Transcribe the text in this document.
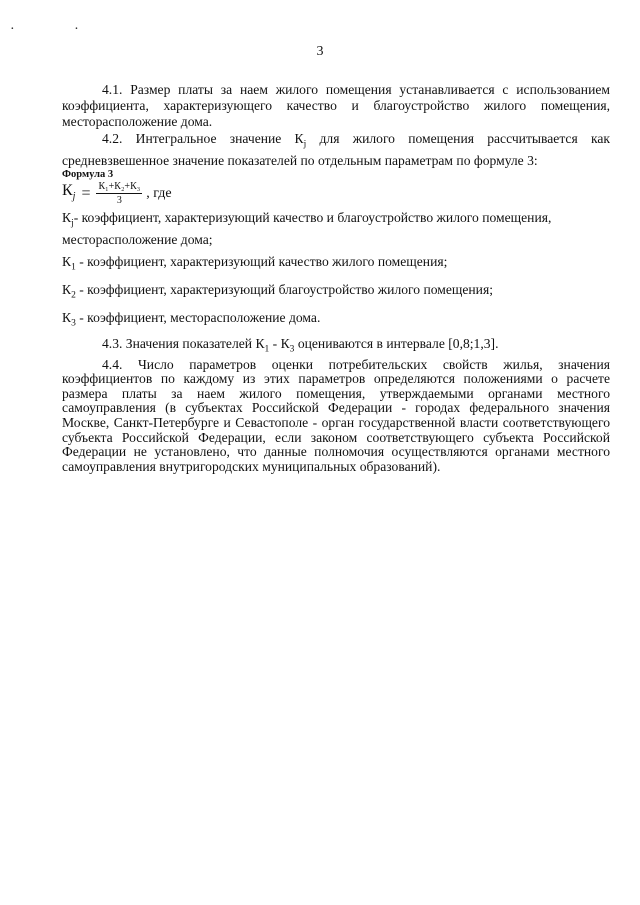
· ·
3

4.1. Размер платы за наем жилого помещения устанавливается с использованием коэффициента, характеризующего качество и благоустройство жилого помещения, месторасположение дома.

4.2. Интегральное значение $К_j$ для жилого помещения рассчитывается как средневзвешенное значение показателей по отдельным параметрам по формуле 3:

Формула 3
$К_j = \frac{\text{К₁+К₂+К₃}}{3}$ , где

$К_j-$ коэффициент, характеризующий качество и благоустройство жилого помещения, месторасположение дома;

$К_1$ - коэффициент, характеризующий качество жилого помещения;

$К_2$ - коэффициент, характеризующий благоустройство жилого помещения;

$К_3$ - коэффициент, месторасположение дома.

4.3. Значения показателей $К_1 - К_3$ оцениваются в интервале [0,8;1,3].

4.4. Число параметров оценки потребительских свойств жилья, значения коэффициентов по каждому из этих параметров определяются положениями о расчете размера платы за наем жилого помещения, утверждаемыми органами местного самоуправления (в субъектах Российской Федерации - городах федерального значения Москве, Санкт-Петербурге и Севастополе - орган государственной власти соответствующего субъекта Российской Федерации, если законом соответствующего субъекта Российской Федерации не установлено, что данные полномочия осуществляются органами местного самоуправления внутригородских муниципальных образований).
